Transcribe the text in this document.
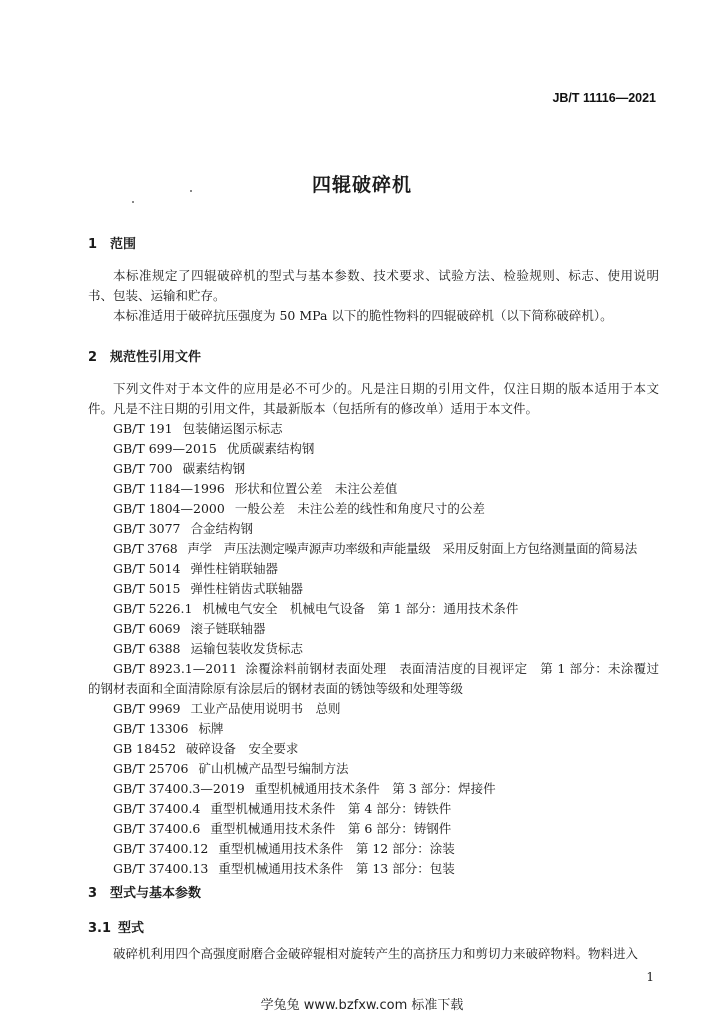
JB/T 11116—2021
四辊破碎机
1 范围
本标准规定了四辊破碎机的型式与基本参数、技术要求、试验方法、检验规则、标志、使用说明书、包装、运输和贮存。
本标准适用于破碎抗压强度为 50 MPa 以下的脆性物料的四辊破碎机（以下简称破碎机）。
2 规范性引用文件
下列文件对于本文件的应用是必不可少的。凡是注日期的引用文件，仅注日期的版本适用于本文件。凡是不注日期的引用文件，其最新版本（包括所有的修改单）适用于本文件。
GB/T 191 包装储运图示标志
GB/T 699—2015 优质碳素结构钢
GB/T 700 碳素结构钢
GB/T 1184—1996 形状和位置公差　未注公差值
GB/T 1804—2000 一般公差　未注公差的线性和角度尺寸的公差
GB/T 3077 合金结构钢
GB/T 3768 声学　声压法测定噪声源声功率级和声能量级　采用反射面上方包络测量面的简易法
GB/T 5014 弹性柱销联轴器
GB/T 5015 弹性柱销齿式联轴器
GB/T 5226.1 机械电气安全　机械电气设备　第 1 部分：通用技术条件
GB/T 6069 滚子链联轴器
GB/T 6388 运输包装收发货标志
GB/T 8923.1—2011 涂覆涂料前钢材表面处理　表面清洁度的目视评定　第 1 部分：未涂覆过的钢材表面和全面清除原有涂层后的钢材表面的锈蚀等级和处理等级
GB/T 9969 工业产品使用说明书　总则
GB/T 13306 标牌
GB 18452 破碎设备　安全要求
GB/T 25706 矿山机械产品型号编制方法
GB/T 37400.3—2019 重型机械通用技术条件　第 3 部分：焊接件
GB/T 37400.4 重型机械通用技术条件　第 4 部分：铸铁件
GB/T 37400.6 重型机械通用技术条件　第 6 部分：铸钢件
GB/T 37400.12 重型机械通用技术条件　第 12 部分：涂装
GB/T 37400.13 重型机械通用技术条件　第 13 部分：包装
3 型式与基本参数
3.1 型式
破碎机利用四个高强度耐磨合金破碎辊相对旋转产生的高挤压力和剪切力来破碎物料。物料进入
1
学兔兔 www.bzfxw.com 标准下载
